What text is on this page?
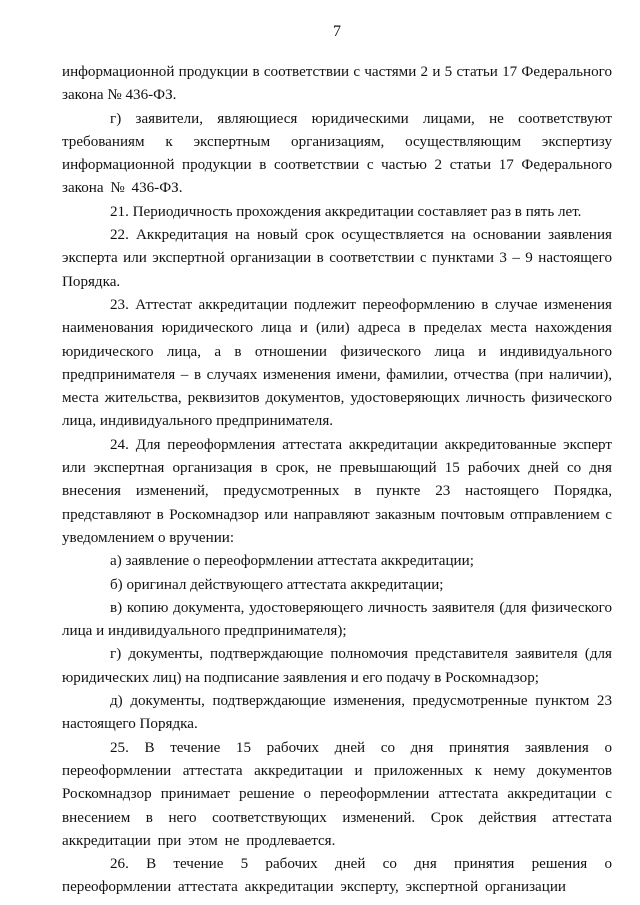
7

информационной продукции в соответствии с частями 2 и 5 статьи 17 Федерального закона № 436-ФЗ.

г) заявители, являющиеся юридическими лицами, не соответствуют требованиям к экспертным организациям, осуществляющим экспертизу информационной продукции в соответствии с частью 2 статьи 17 Федерального закона № 436-ФЗ.

21. Периодичность прохождения аккредитации составляет раз в пять лет.

22. Аккредитация на новый срок осуществляется на основании заявления эксперта или экспертной организации в соответствии с пунктами 3 – 9 настоящего Порядка.

23. Аттестат аккредитации подлежит переоформлению в случае изменения наименования юридического лица и (или) адреса в пределах места нахождения юридического лица, а в отношении физического лица и индивидуального предпринимателя – в случаях изменения имени, фамилии, отчества (при наличии), места жительства, реквизитов документов, удостоверяющих личность физического лица, индивидуального предпринимателя.

24. Для переоформления аттестата аккредитации аккредитованные эксперт или экспертная организация в срок, не превышающий 15 рабочих дней со дня внесения изменений, предусмотренных в пункте 23 настоящего Порядка, представляют в Роскомнадзор или направляют заказным почтовым отправлением с уведомлением о вручении:

а) заявление о переоформлении аттестата аккредитации;

б) оригинал действующего аттестата аккредитации;

в) копию документа, удостоверяющего личность заявителя (для физического лица и индивидуального предпринимателя);

г) документы, подтверждающие полномочия представителя заявителя (для юридических лиц) на подписание заявления и его подачу в Роскомнадзор;

д) документы, подтверждающие изменения, предусмотренные пунктом 23 настоящего Порядка.

25. В течение 15 рабочих дней со дня принятия заявления о переоформлении аттестата аккредитации и приложенных к нему документов Роскомнадзор принимает решение о переоформлении аттестата аккредитации с внесением в него соответствующих изменений. Срок действия аттестата аккредитации при этом не продлевается.

26. В течение 5 рабочих дней со дня принятия решения о переоформлении аттестата аккредитации эксперту, экспертной организации
